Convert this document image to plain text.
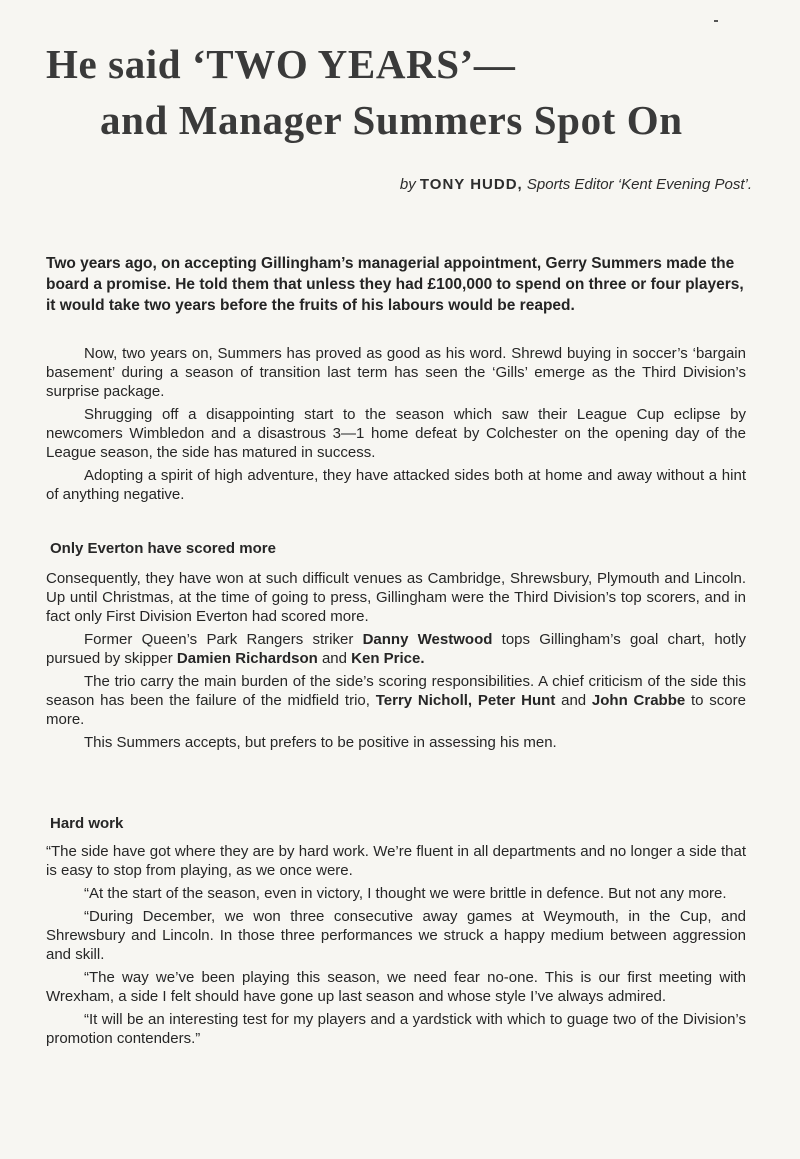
He said ‘TWO YEARS’—
and Manager Summers Spot On
by TONY HUDD, Sports Editor ‘Kent Evening Post’.

Two years ago, on accepting Gillingham’s managerial appointment, Gerry Summers made the board a promise. He told them that unless they had £100,000 to spend on three or four players, it would take two years before the fruits of his labours would be reaped.

Now, two years on, Summers has proved as good as his word. Shrewd buying in soccer’s ‘bargain basement’ during a season of transition last term has seen the ‘Gills’ emerge as the Third Division’s surprise package.

Shrugging off a disappointing start to the season which saw their League Cup eclipse by newcomers Wimbledon and a disastrous 3—1 home defeat by Colchester on the opening day of the League season, the side has matured in success.

Adopting a spirit of high adventure, they have attacked sides both at home and away without a hint of anything negative.

Only Everton have scored more

Consequently, they have won at such difficult venues as Cambridge, Shrewsbury, Plymouth and Lincoln. Up until Christmas, at the time of going to press, Gillingham were the Third Division’s top scorers, and in fact only First Division Everton had scored more.

Former Queen’s Park Rangers striker Danny Westwood tops Gillingham’s goal chart, hotly pursued by skipper Damien Richardson and Ken Price.

The trio carry the main burden of the side’s scoring responsibilities. A chief criticism of the side this season has been the failure of the midfield trio, Terry Nicholl, Peter Hunt and John Crabbe to score more.

This Summers accepts, but prefers to be positive in assessing his men.

Hard work

“The side have got where they are by hard work. We’re fluent in all departments and no longer a side that is easy to stop from playing, as we once were.

“At the start of the season, even in victory, I thought we were brittle in defence. But not any more.

“During December, we won three consecutive away games at Weymouth, in the Cup, and Shrewsbury and Lincoln. In those three performances we struck a happy medium between aggression and skill.

“The way we’ve been playing this season, we need fear no-one. This is our first meeting with Wrexham, a side I felt should have gone up last season and whose style I’ve always admired.

“It will be an interesting test for my players and a yardstick with which to guage two of the Division’s promotion contenders.”
